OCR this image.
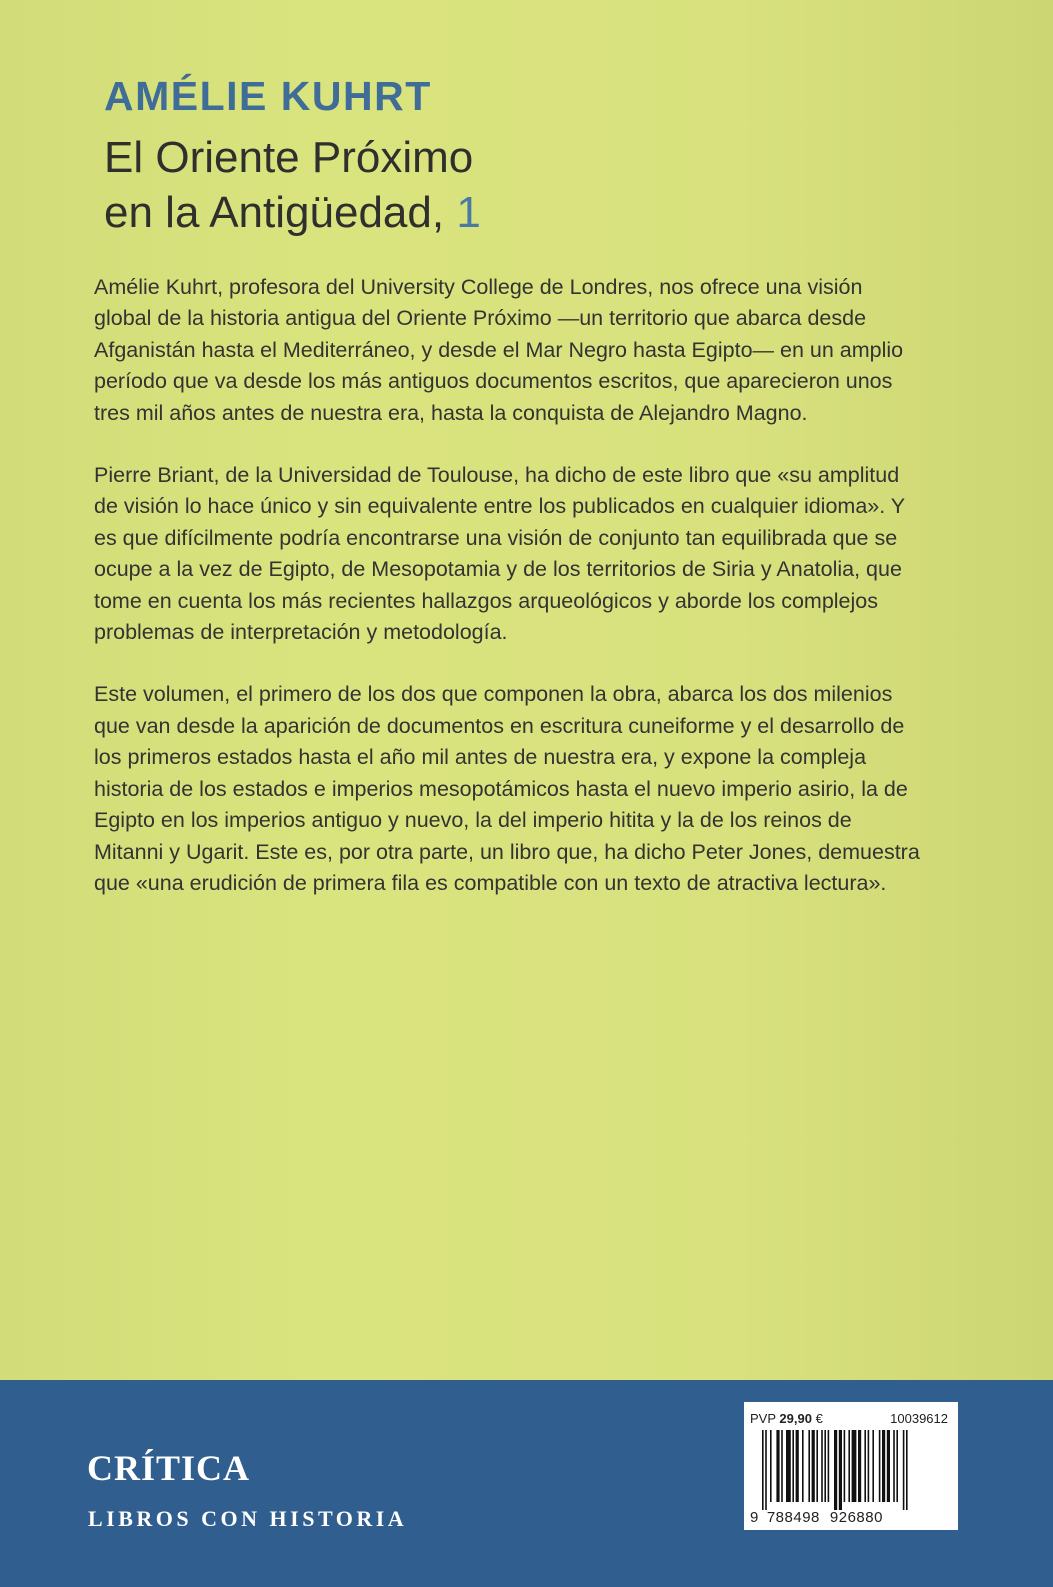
AMÉLIE KUHRT
El Oriente Próximo
en la Antigüedad, 1

Amélie Kuhrt, profesora del University College de Londres, nos ofrece una visión global de la historia antigua del Oriente Próximo —un territorio que abarca desde Afganistán hasta el Mediterráneo, y desde el Mar Negro hasta Egipto— en un amplio período que va desde los más antiguos documentos escritos, que aparecieron unos tres mil años antes de nuestra era, hasta la conquista de Alejandro Magno.

Pierre Briant, de la Universidad de Toulouse, ha dicho de este libro que «su amplitud de visión lo hace único y sin equivalente entre los publicados en cualquier idioma». Y es que difícilmente podría encontrarse una visión de conjunto tan equilibrada que se ocupe a la vez de Egipto, de Mesopotamia y de los territorios de Siria y Anatolia, que tome en cuenta los más recientes hallazgos arqueológicos y aborde los complejos problemas de interpretación y metodología.

Este volumen, el primero de los dos que componen la obra, abarca los dos milenios que van desde la aparición de documentos en escritura cuneiforme y el desarrollo de los primeros estados hasta el año mil antes de nuestra era, y expone la compleja historia de los estados e imperios mesopotámicos hasta el nuevo imperio asirio, la de Egipto en los imperios antiguo y nuevo, la del imperio hitita y la de los reinos de Mitanni y Ugarit. Este es, por otra parte, un libro que, ha dicho Peter Jones, demuestra que «una erudición de primera fila es compatible con un texto de atractiva lectura».

CRÍTICA
LIBROS CON HISTORIA
PVP 29,90 €	10039612
9 788498 926880
